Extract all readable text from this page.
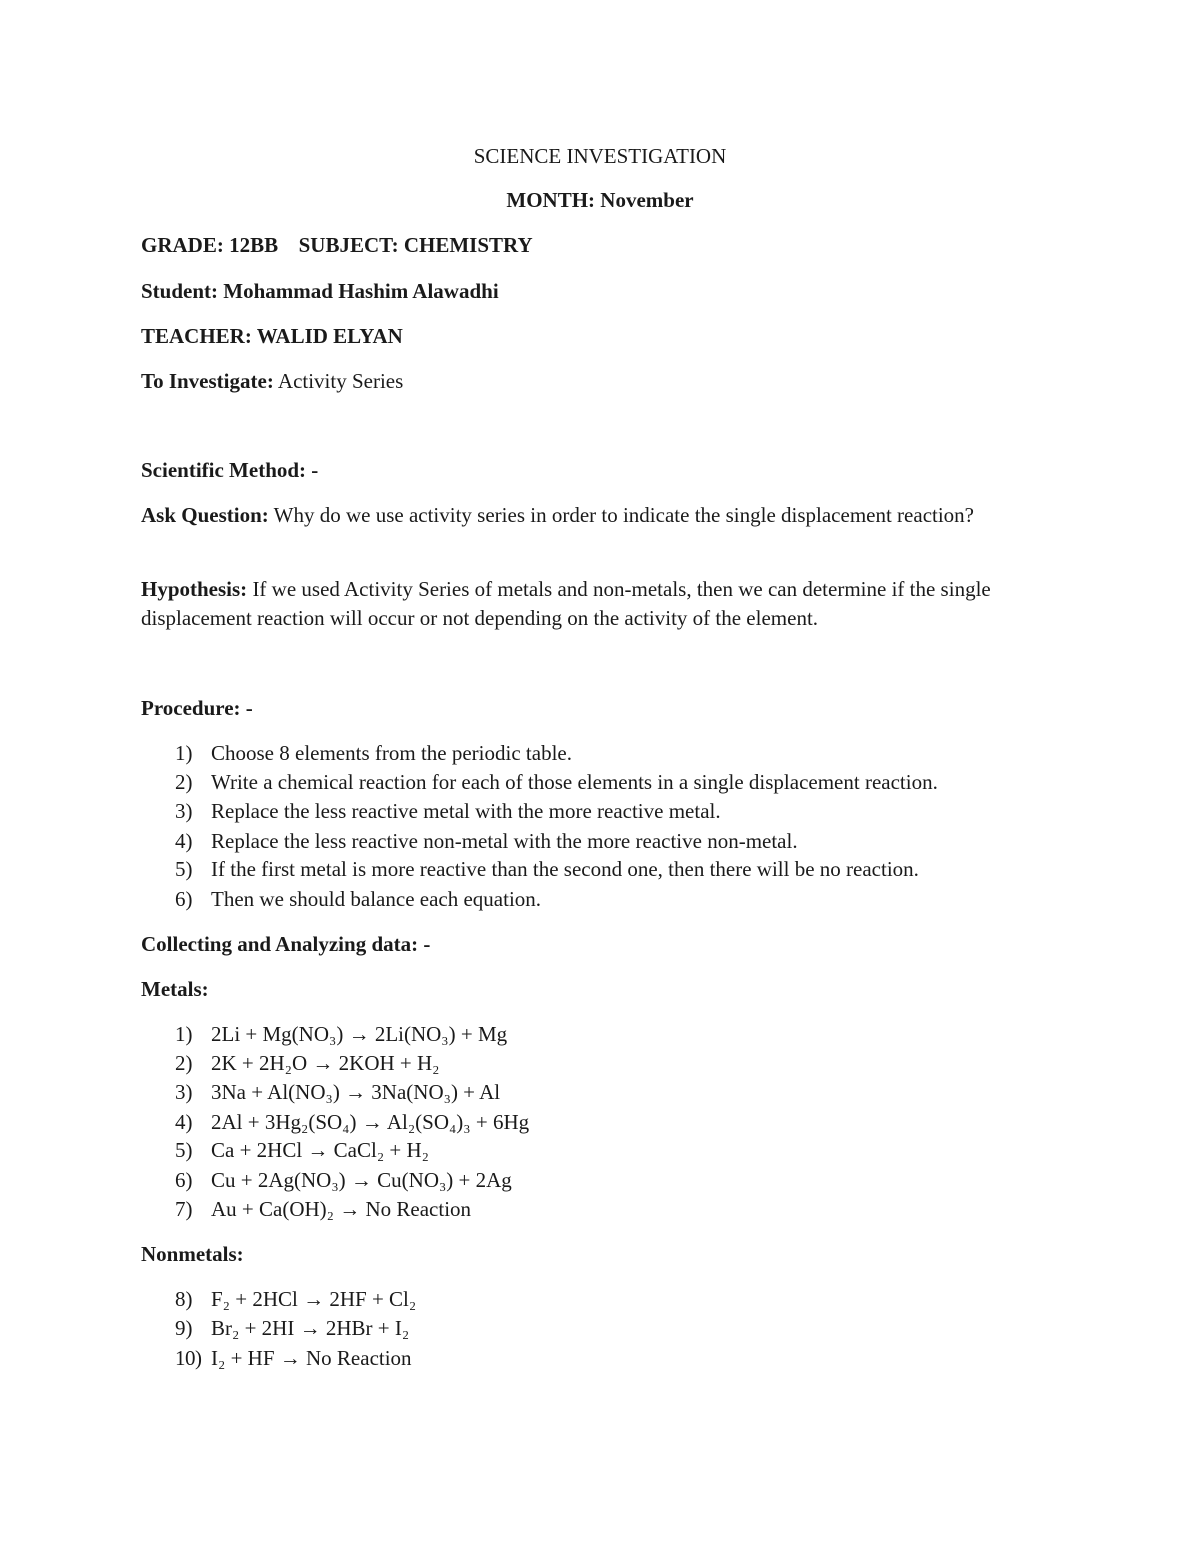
SCIENCE INVESTIGATION
MONTH: November
GRADE: 12BB SUBJECT: CHEMISTRY
Student: Mohammad Hashim Alawadhi
TEACHER: WALID ELYAN
To Investigate: Activity Series
Scientific Method: -
Ask Question: Why do we use activity series in order to indicate the single displacement reaction?
Hypothesis: If we used Activity Series of metals and non-metals, then we can determine if the single displacement reaction will occur or not depending on the activity of the element.
Procedure: -
1) Choose 8 elements from the periodic table.
2) Write a chemical reaction for each of those elements in a single displacement reaction.
3) Replace the less reactive metal with the more reactive metal.
4) Replace the less reactive non-metal with the more reactive non-metal.
5) If the first metal is more reactive than the second one, then there will be no reaction.
6) Then we should balance each equation.
Collecting and Analyzing data: -
Metals:
1) 2Li + Mg(NO₃) → 2Li(NO₃) + Mg
2) 2K + 2H₂O → 2KOH + H₂
3) 3Na + Al(NO₃) → 3Na(NO₃) + Al
4) 2Al + 3Hg₂(SO₄) → Al₂(SO₄)₃ + 6Hg
5) Ca + 2HCl → CaCl₂ + H₂
6) Cu + 2Ag(NO₃) → Cu(NO₃) + 2Ag
7) Au + Ca(OH)₂ → No Reaction
Nonmetals:
8) F₂ + 2HCl → 2HF + Cl₂
9) Br₂ + 2HI → 2HBr + I₂
10) I₂ + HF → No Reaction
